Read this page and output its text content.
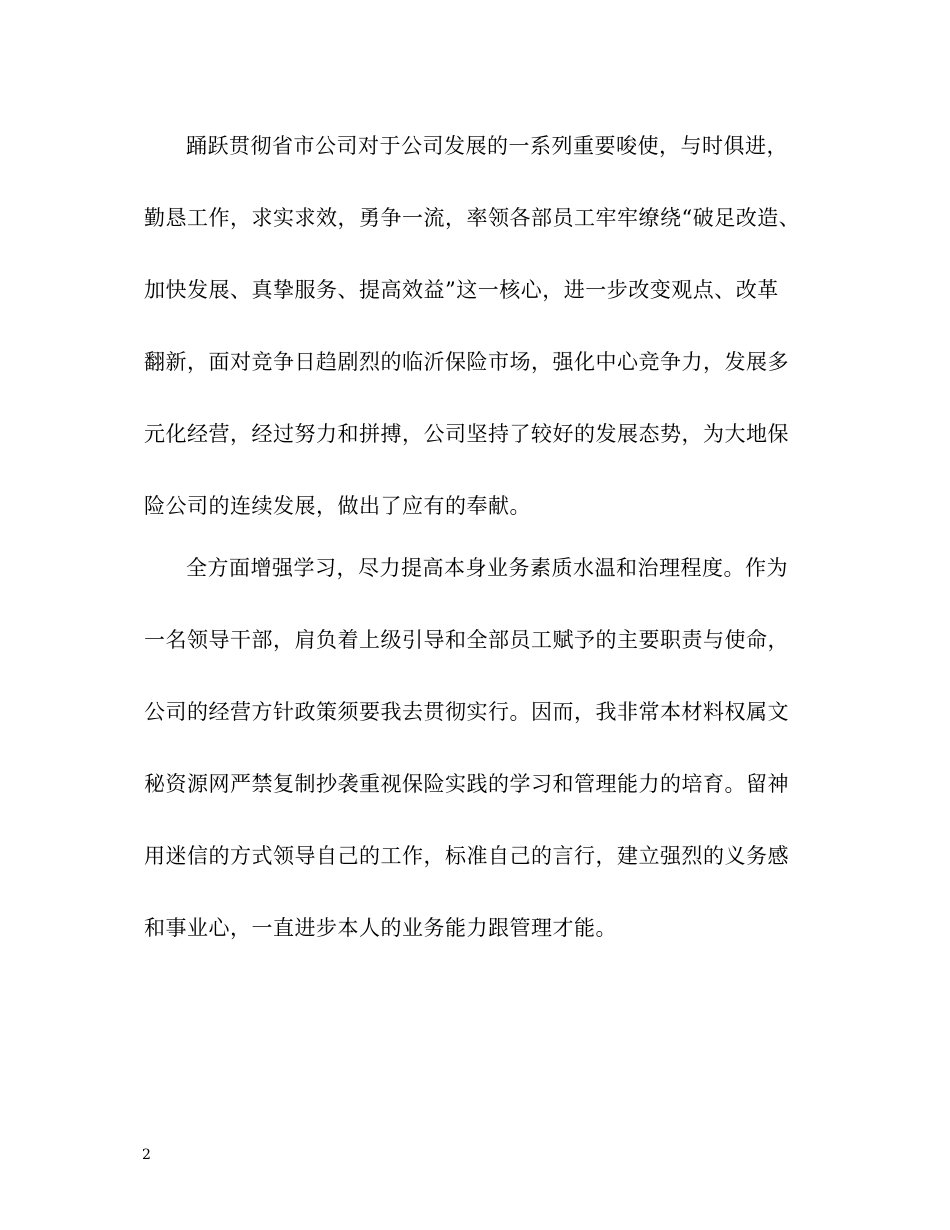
踊跃贯彻省市公司对于公司发展的一系列重要唆使，与时俱进，
勤恳工作，求实求效，勇争一流，率领各部员工牢牢缭绕“破足改造、
加快发展、真挚服务、提高效益”这一核心，进一步改变观点、改革
翻新，面对竞争日趋剧烈的临沂保险市场，强化中心竞争力，发展多
元化经营，经过努力和拼搏，公司坚持了较好的发展态势，为大地保
险公司的连续发展，做出了应有的奉献。
全方面增强学习，尽力提高本身业务素质水温和治理程度。作为
一名领导干部，肩负着上级引导和全部员工赋予的主要职责与使命，
公司的经营方针政策须要我去贯彻实行。因而，我非常本材料权属文
秘资源网严禁复制抄袭重视保险实践的学习和管理能力的培育。留神
用迷信的方式领导自己的工作，标准自己的言行，建立强烈的义务感
和事业心，一直进步本人的业务能力跟管理才能。
2
